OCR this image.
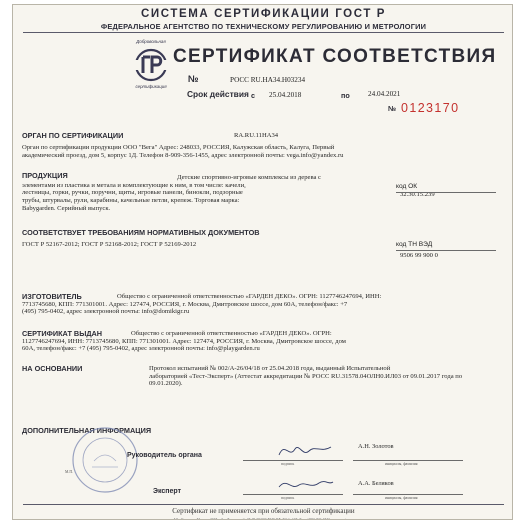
СИСТЕМА СЕРТИФИКАЦИИ ГОСТ Р
ФЕДЕРАЛЬНОЕ АГЕНТСТВО ПО ТЕХНИЧЕСКОМУ РЕГУЛИРОВАНИЮ И МЕТРОЛОГИИ
Добровольная
сертификация
СЕРТИФИКАТ СООТВЕТСТВИЯ
№	РОСС RU.НА34.Н03234
Срок действия с 25.04.2018	по	24.04.2021
№ 0123170
ОРГАН ПО СЕРТИФИКАЦИИ	RA.RU.11НА34
Орган по сертификации продукции ООО "Вега" Адрес: 248033, РОССИЯ, Калужская область, Калуга, Первый
академический проезд, дом 5, корпус 1Д. Телефон 8-909-356-1455, адрес электронной почты: vega.info@yandex.ru
ПРОДУКЦИЯ	Детские спортивно-игровые комплексы из дерева с
элементами из пластика и метала и комплектующие к ним, в том числе: качели,
лестницы, горки, ручки, поручни, щиты, игровые панели, бинокли, подзорные
трубы, штурвалы, рули, карабины, качельные петли, крепеж. Торговая марка:
Babygarden. Серийный выпуск.
код ОК
32.30.15.239
СООТВЕТСТВУЕТ ТРЕБОВАНИЯМ НОРМАТИВНЫХ ДОКУМЕНТОВ
ГОСТ Р 52167-2012; ГОСТ Р 52168-2012; ГОСТ Р 52169-2012	код ТН ВЭД
9506 99 900 0
ИЗГОТОВИТЕЛЬ	Общество с ограниченной ответственностью «ГАРДЕН ДЕКО». ОГРН: 1127746247694, ИНН:
7713745680, КПП: 771301001. Адрес: 127474, РОССИЯ, г. Москва, Дмитровское шоссе, дом 60А, телефон/факс: +7
(495) 795-0402, адрес электронной почты: info@domikigr.ru
СЕРТИФИКАТ ВЫДАН	Общество с ограниченной ответственностью «ГАРДЕН ДЕКО». ОГРН:
1127746247694, ИНН: 7713745680, КПП: 771301001. Адрес: 127474, РОССИЯ, г. Москва, Дмитровское шоссе, дом
60А, телефон/факс: +7 (495) 795-0402, адрес электронной почты: info@playgarden.ru
НА ОСНОВАНИИ	Протокол испытаний № 002/А-26/04/18 от 25.04.2018 года, выданный Испытательной
лабораторией «Тест-Эксперт» (Аттестат аккредитации № РОСС RU.31578.04ОЛН0.ИЛ03 от 09.01.2017 года по
09.01.2020).
ДОПОЛНИТЕЛЬНАЯ ИНФОРМАЦИЯ
М.П.
Руководитель органа
подпись
А.Н. Золотов
инициалы, фамилия
Эксперт
подпись
А.А. Беляков
инициалы, фамилия
Сертификат не применяется при обязательной сертификации
АО «Опцион», Москва, 2017, «А». Лицензия № 05-05-09/003 ФНС РФ, ТЗ № 167. Тел.: (495) 726-4742, www.opcion.ru
